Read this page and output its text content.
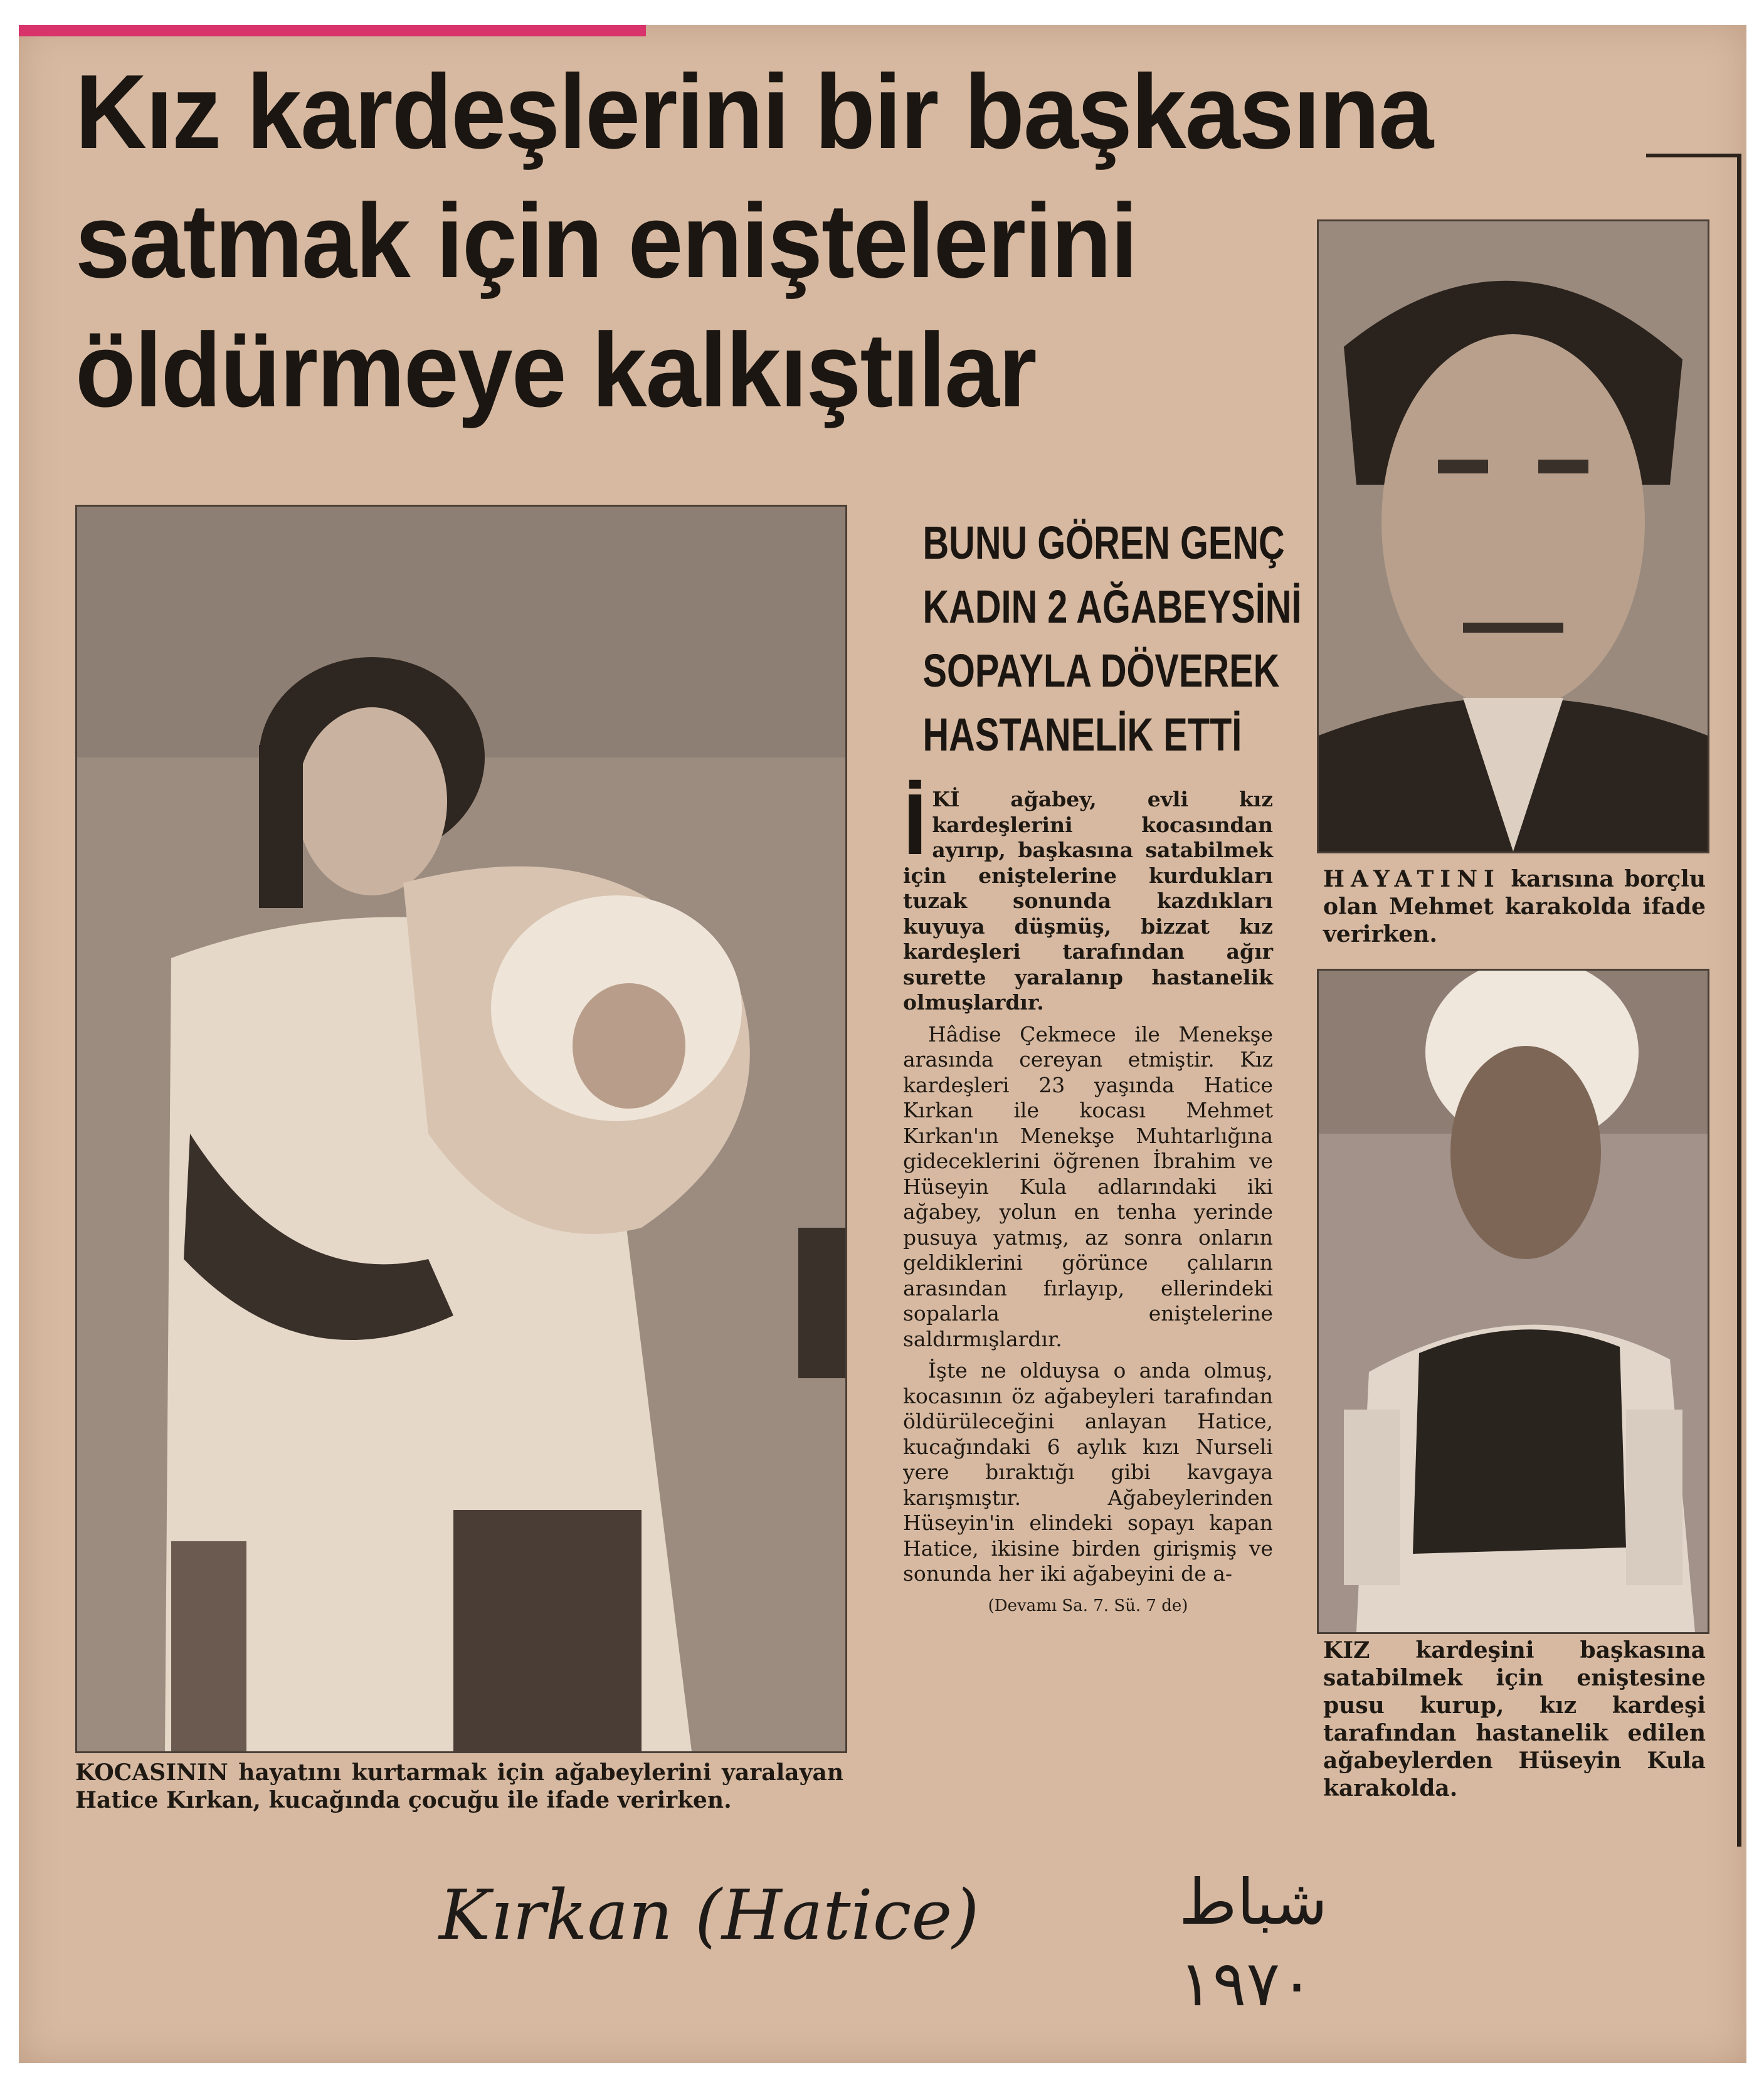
Kız kardeşlerini bir başkasına
satmak için eniştelerini
öldürmeye kalkıştılar
KOCASININ hayatını kurtarmak için ağabeylerini yaralayan Hatice Kırkan, kucağında çocuğu ile ifade verirken.
BUNU GÖREN GENÇ
KADIN 2 AĞABEYSİNİ
SOPAYLA DÖVEREK
HASTANELİK ETTİ

İKİ ağabey, evli kız kardeşlerini kocasından ayırıp, başkasına satabilmek için eniştelerine kurdukları tuzak sonunda kazdıkları kuyuya düşmüş, bizzat kız kardeşleri tarafından ağır surette yaralanıp hastanelik olmuşlardır.

Hâdise Çekmece ile Menekşe arasında cereyan etmiştir. Kız kardeşleri 23 yaşında Hatice Kırkan ile kocası Mehmet Kırkan'ın Menekşe Muhtarlığına gideceklerini öğrenen İbrahim ve Hüseyin Kula adlarındaki iki ağabey, yolun en tenha yerinde pusuya yatmış, az sonra onların geldiklerini görünce çalıların arasından fırlayıp, ellerindeki sopalarla eniştelerine saldırmışlardır.

İşte ne olduysa o anda olmuş, kocasının öz ağabeyleri tarafından öldürüleceğini anlayan Hatice, kucağındaki 6 aylık kızı Nurseli yere bıraktığı gibi kavgaya karışmıştır. Ağabeylerinden Hüseyin'in elindeki sopayı kapan Hatice, ikisine birden girişmiş ve sonunda her iki ağabeyini de a-

(Devamı Sa. 7. Sü. 7 de)
HAYATINI karısına borçlu olan Mehmet karakolda ifade verirken.
KIZ kardeşini başkasına satabilmek için eniştesine pusu kurup, kız kardeşi tarafından hastanelik edilen ağabeylerden Hüseyin Kula karakolda.
Kırkan (Hatice)	شباط
١٩٧٠
